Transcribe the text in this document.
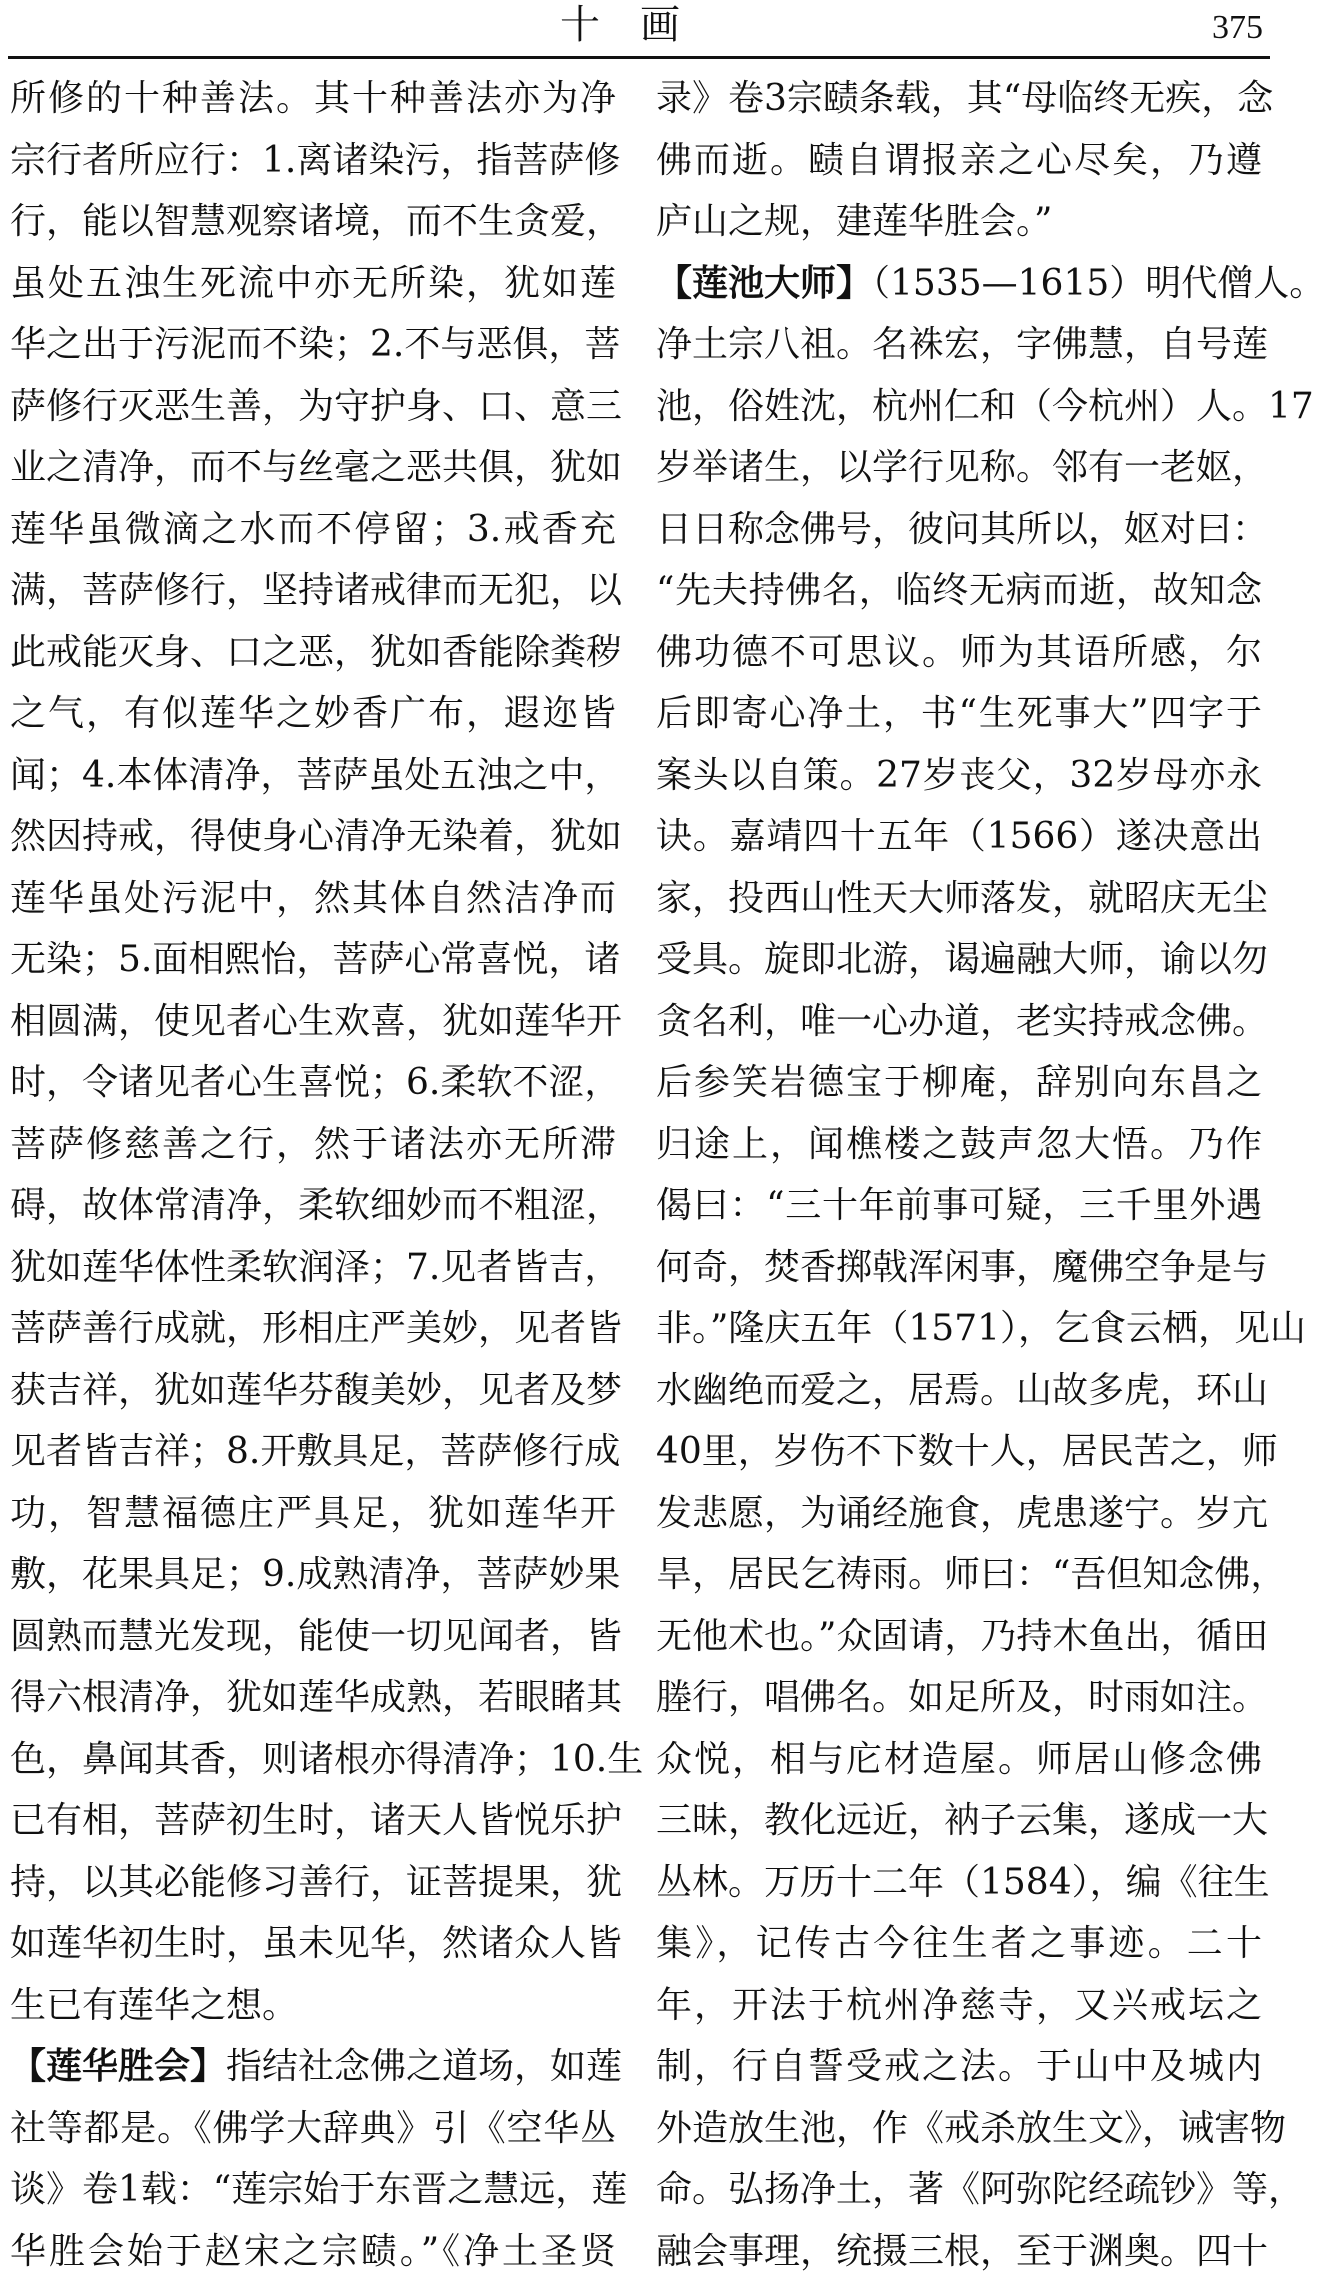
十画	375
所修的十种善法。其十种善法亦为净
宗行者所应行：1.离诸染污，指菩萨修
行，能以智慧观察诸境，而不生贪爱，
虽处五浊生死流中亦无所染，犹如莲
华之出于污泥而不染；2.不与恶俱，菩
萨修行灭恶生善，为守护身、口、意三
业之清净，而不与丝毫之恶共俱，犹如
莲华虽微滴之水而不停留；3.戒香充
满，菩萨修行，坚持诸戒律而无犯，以
此戒能灭身、口之恶，犹如香能除粪秽
之气，有似莲华之妙香广布，遐迩皆
闻；4.本体清净，菩萨虽处五浊之中，
然因持戒，得使身心清净无染着，犹如
莲华虽处污泥中，然其体自然洁净而
无染；5.面相熙怡，菩萨心常喜悦，诸
相圆满，使见者心生欢喜，犹如莲华开
时，令诸见者心生喜悦；6.柔软不涩，
菩萨修慈善之行，然于诸法亦无所滞
碍，故体常清净，柔软细妙而不粗涩，
犹如莲华体性柔软润泽；7.见者皆吉，
菩萨善行成就，形相庄严美妙，见者皆
获吉祥，犹如莲华芬馥美妙，见者及梦
见者皆吉祥；8.开敷具足，菩萨修行成
功，智慧福德庄严具足，犹如莲华开
敷，花果具足；9.成熟清净，菩萨妙果
圆熟而慧光发现，能使一切见闻者，皆
得六根清净，犹如莲华成熟，若眼睹其
色，鼻闻其香，则诸根亦得清净；10.生
已有相，菩萨初生时，诸天人皆悦乐护
持，以其必能修习善行，证菩提果，犹
如莲华初生时，虽未见华，然诸众人皆
生已有莲华之想。
【莲华胜会】指结社念佛之道场，如莲
社等都是。《佛学大辞典》引《空华丛
谈》卷1载：“莲宗始于东晋之慧远，莲
华胜会始于赵宋之宗赜。”《净土圣贤
录》卷3宗赜条载，其“母临终无疾，念
佛而逝。赜自谓报亲之心尽矣，乃遵
庐山之规，建莲华胜会。”
【莲池大师】（1535—1615）明代僧人。
净土宗八祖。名袾宏，字佛慧，自号莲
池，俗姓沈，杭州仁和（今杭州）人。17
岁举诸生，以学行见称。邻有一老妪，
日日称念佛号，彼问其所以，妪对曰：
“先夫持佛名，临终无病而逝，故知念
佛功德不可思议。师为其语所感，尔
后即寄心净土，书“生死事大”四字于
案头以自策。27岁丧父，32岁母亦永
诀。嘉靖四十五年（1566）遂决意出
家，投西山性天大师落发，就昭庆无尘
受具。旋即北游，谒遍融大师，谕以勿
贪名利，唯一心办道，老实持戒念佛。
后参笑岩德宝于柳庵，辞别向东昌之
归途上，闻樵楼之鼓声忽大悟。乃作
偈曰：“三十年前事可疑，三千里外遇
何奇，焚香掷戟浑闲事，魔佛空争是与
非。”隆庆五年（1571），乞食云栖，见山
水幽绝而爱之，居焉。山故多虎，环山
40里，岁伤不下数十人，居民苦之，师
发悲愿，为诵经施食，虎患遂宁。岁亢
旱，居民乞祷雨。师曰：“吾但知念佛，
无他术也。”众固请，乃持木鱼出，循田
塍行，唱佛名。如足所及，时雨如注。
众悦，相与庀材造屋。师居山修念佛
三昧，教化远近，衲子云集，遂成一大
丛林。万历十二年（1584），编《往生
集》，记传古今往生者之事迹。二十
年，开法于杭州净慈寺，又兴戒坛之
制，行自誓受戒之法。于山中及城内
外造放生池，作《戒杀放生文》，诫害物
命。弘扬净土，著《阿弥陀经疏钞》等，
融会事理，统摄三根，至于渊奥。四十
